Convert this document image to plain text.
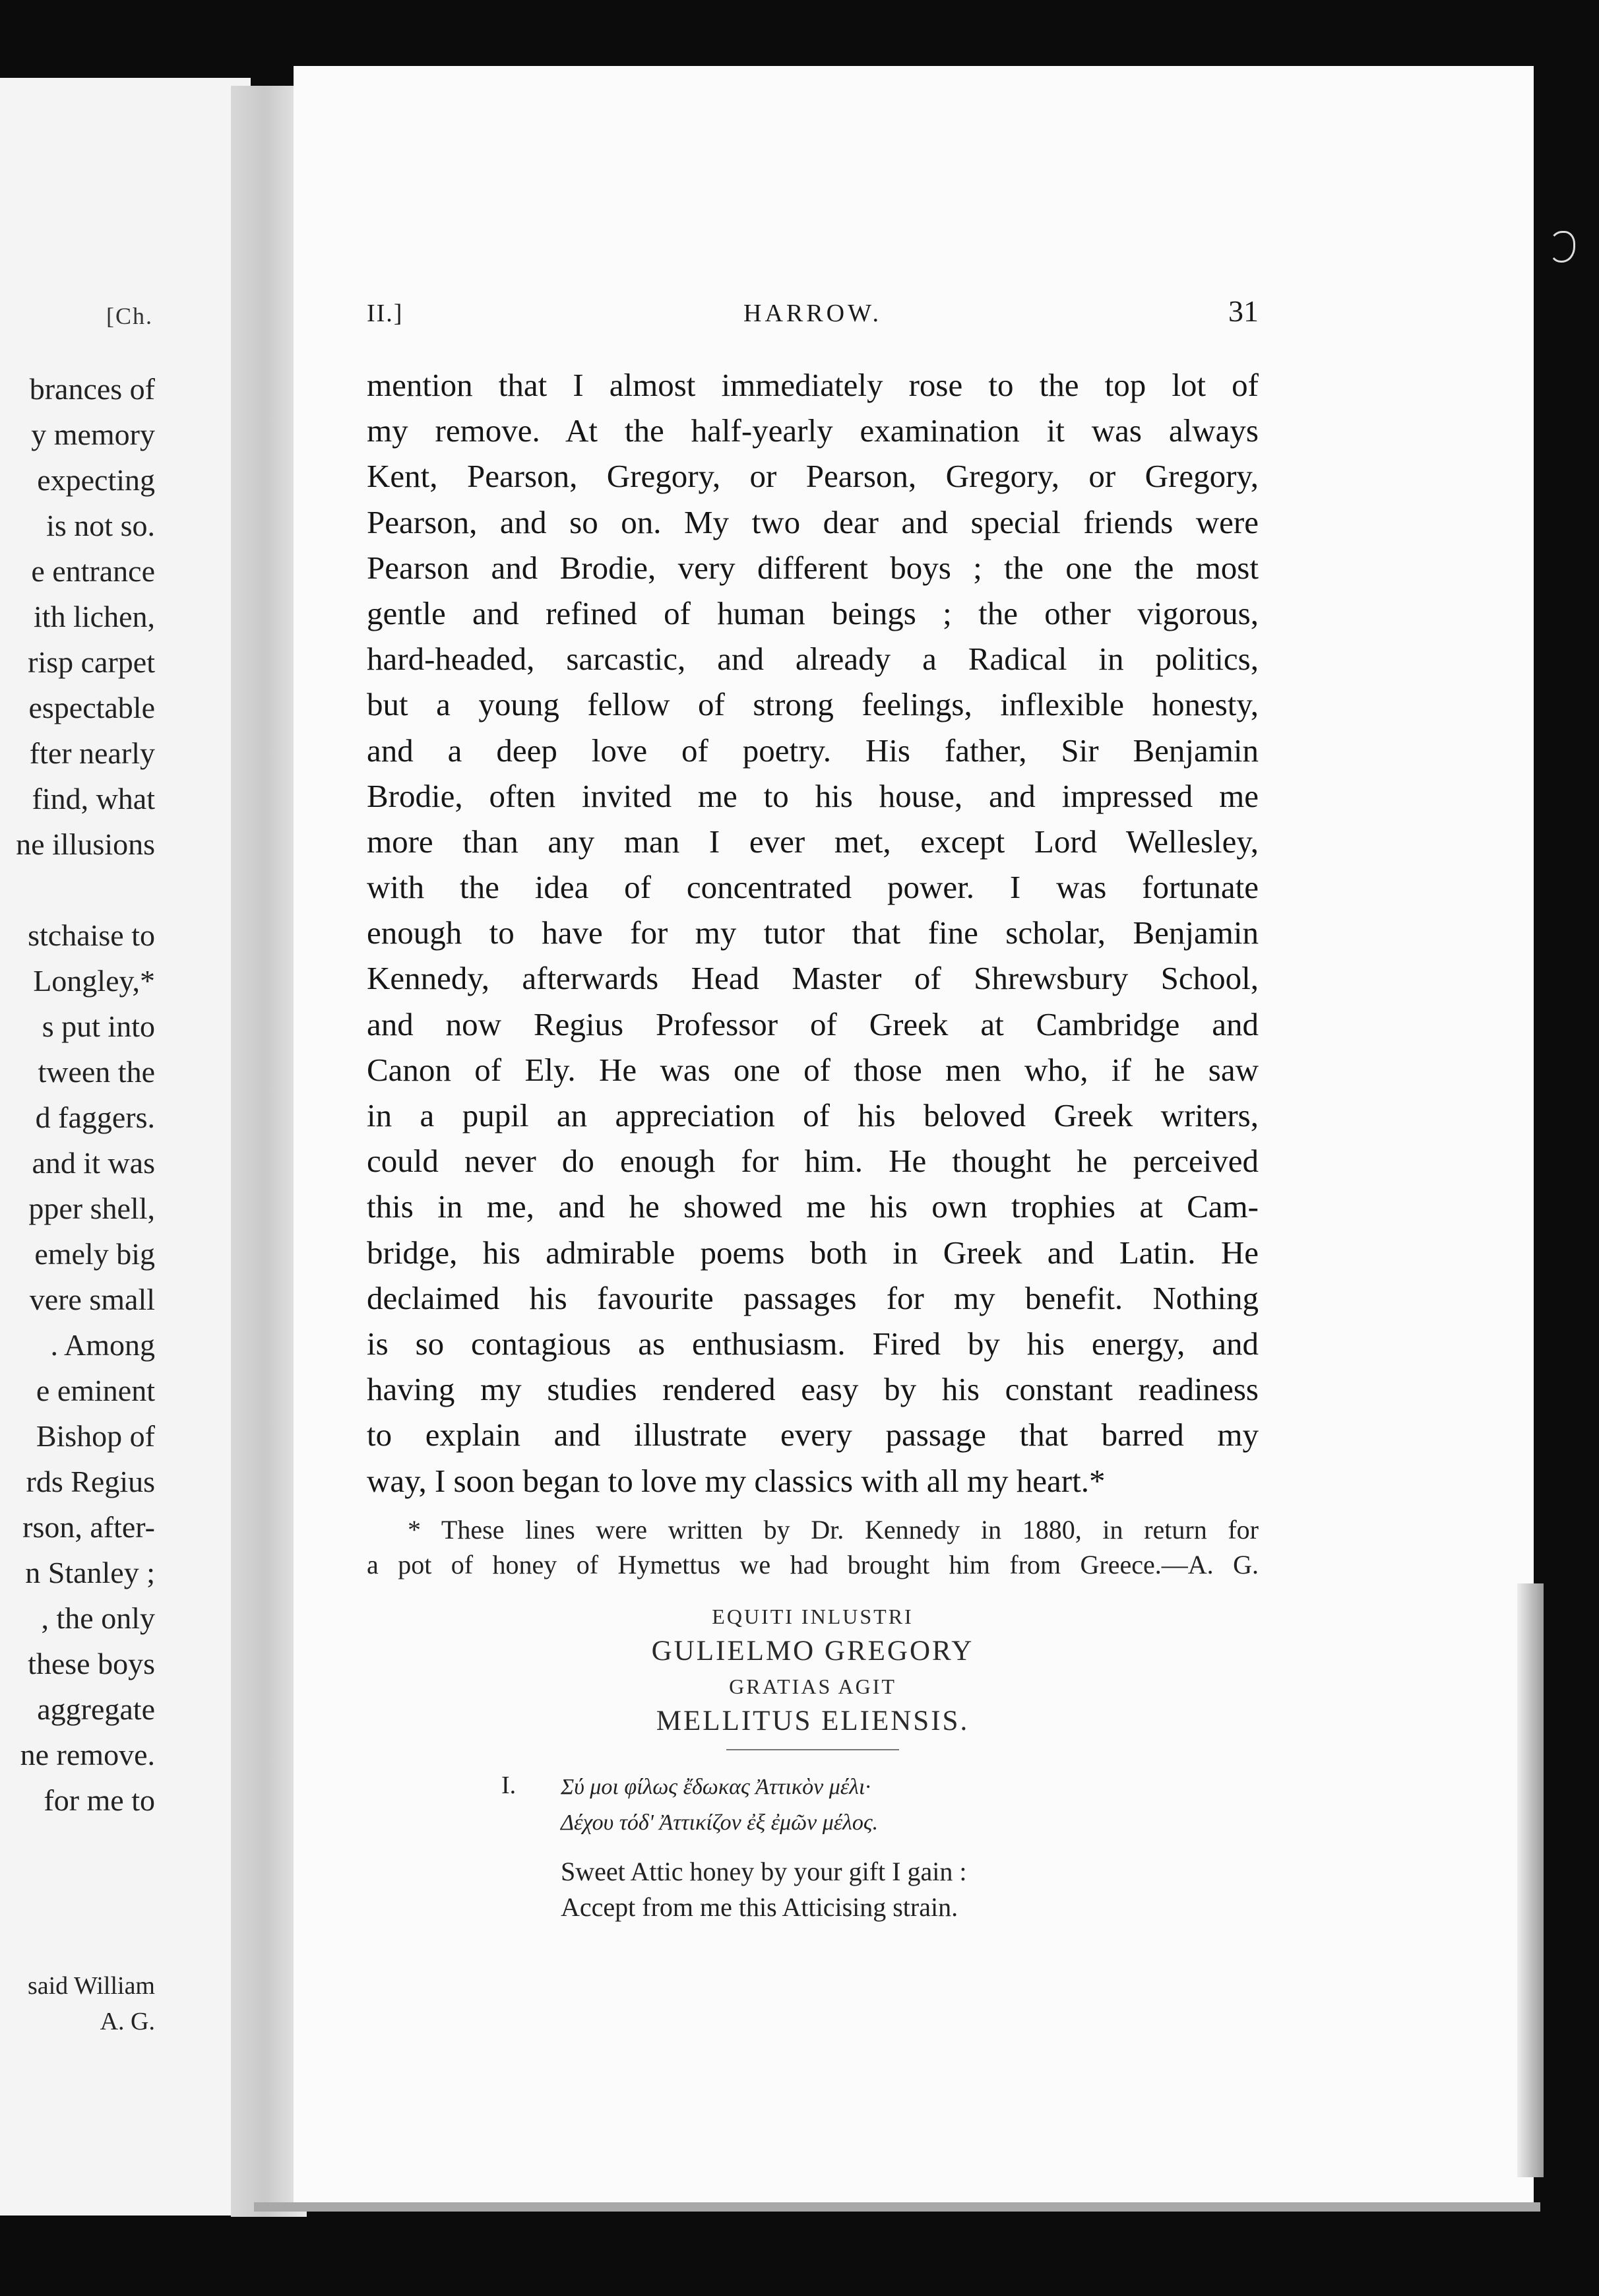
[Ch.
brances of
y memory
expecting
is not so.
e entrance
ith lichen,
risp carpet
espectable
fter nearly
find, what
ne illusions
stchaise to
Longley,*
s put into
tween the
d faggers.
and it was
pper shell,
emely big
vere small
. Among
e eminent
Bishop of
rds Regius
rson, after-
n Stanley ;
, the only
these boys
aggregate
ne remove.
for me to
said William
A. G.
II.]	HARROW.	31
mention that I almost immediately rose to the top lot of
my remove. At the half-yearly examination it was always
Kent, Pearson, Gregory, or Pearson, Gregory, or Gregory,
Pearson, and so on. My two dear and special friends were
Pearson and Brodie, very different boys ; the one the most
gentle and refined of human beings ; the other vigorous,
hard-headed, sarcastic, and already a Radical in politics,
but a young fellow of strong feelings, inflexible honesty,
and a deep love of poetry. His father, Sir Benjamin
Brodie, often invited me to his house, and impressed me
more than any man I ever met, except Lord Wellesley,
with the idea of concentrated power. I was fortunate
enough to have for my tutor that fine scholar, Benjamin
Kennedy, afterwards Head Master of Shrewsbury School,
and now Regius Professor of Greek at Cambridge and
Canon of Ely. He was one of those men who, if he saw
in a pupil an appreciation of his beloved Greek writers,
could never do enough for him. He thought he perceived
this in me, and he showed me his own trophies at Cam-
bridge, his admirable poems both in Greek and Latin. He
declaimed his favourite passages for my benefit. Nothing
is so contagious as enthusiasm. Fired by his energy, and
having my studies rendered easy by his constant readiness
to explain and illustrate every passage that barred my
way, I soon began to love my classics with all my heart.*
* These lines were written by Dr. Kennedy in 1880, in return for
a pot of honey of Hymettus we had brought him from Greece.—A. G.
EQUITI INLUSTRI
GULIELMO GREGORY
GRATIAS AGIT
MELLITUS ELIENSIS.
I. Σύ μοι φίλως ἔδωκας Ἀττικὸν μέλι·
Δέχου τόδ' Ἀττικίζον ἐξ ἐμῶν μέλος.
Sweet Attic honey by your gift I gain :
Accept from me this Atticising strain.
